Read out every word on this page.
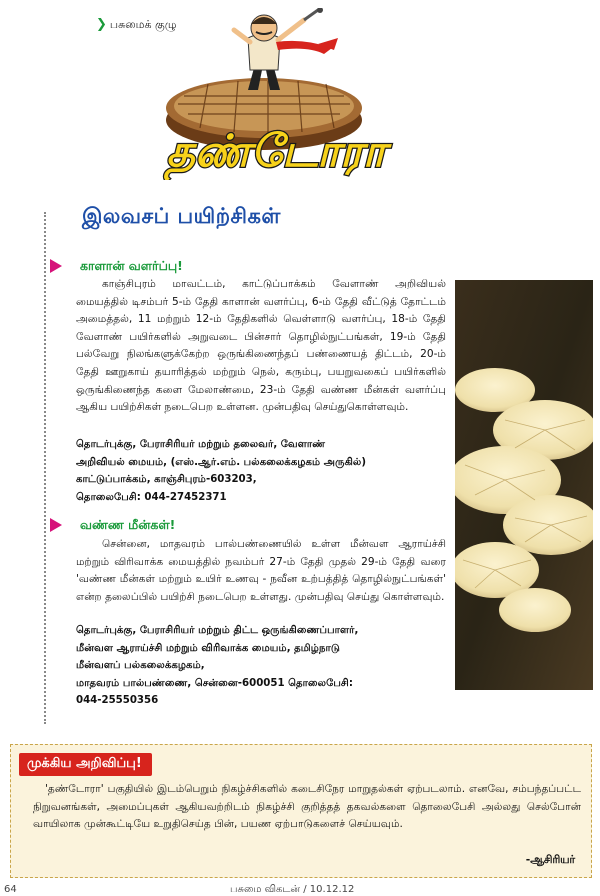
❯ பசுமைக் குழு
தண்டோரா
இலவசப் பயிற்சிகள்
காளான் வளர்ப்பு!

காஞ்சிபுரம் மாவட்டம், காட்டுப்பாக்கம் வேளாண் அறிவியல் மையத்தில் டிசம்பர் 5-ம் தேதி காளான் வளர்ப்பு, 6-ம் தேதி வீட்டுத் தோட்டம் அமைத்தல், 11 மற்றும் 12-ம் தேதிகளில் வெள்ளாடு வளர்ப்பு, 18-ம் தேதி வேளாண் பயிர்களில் அறுவடை பின்சார் தொழில்நுட்பங்கள், 19-ம் தேதி பல்வேறு நிலங்களுக்கேற்ற ஒருங்கிணைந்தப் பண்ணையத் திட்டம், 20-ம் தேதி ஊறுகாய் தயாரித்தல் மற்றும் நெல், கரும்பு, பயறுவகைப் பயிர்களில் ஒருங்கிணைந்த களை மேலாண்மை, 23-ம் தேதி வண்ண மீன்கள் வளர்ப்பு ஆகிய பயிற்சிகள் நடைபெற உள்ளன. முன்பதிவு செய்துகொள்ளவும்.

தொடர்புக்கு, பேராசிரியர் மற்றும் தலைவர், வேளாண்
அறிவியல் மையம், (எஸ்.ஆர்.எம். பல்கலைக்கழகம் அருகில்)
காட்டுப்பாக்கம், காஞ்சிபுரம்-603203,
தொலைபேசி: 044-27452371
வண்ண மீன்கள்!

சென்னை, மாதவரம் பால்பண்ணையில் உள்ள மீன்வள ஆராய்ச்சி மற்றும் விரிவாக்க மையத்தில் நவம்பர் 27-ம் தேதி முதல் 29-ம் தேதி வரை 'வண்ண மீன்கள் மற்றும் உயிர் உணவு - நவீன உற்பத்தித் தொழில்நுட்பங்கள்' என்ற தலைப்பில் பயிற்சி நடைபெற உள்ளது. முன்பதிவு செய்து கொள்ளவும்.

தொடர்புக்கு, பேராசிரியர் மற்றும் திட்ட ஒருங்கிணைப்பாளர்,
மீன்வள ஆராய்ச்சி மற்றும் விரிவாக்க மையம், தமிழ்நாடு
மீன்வளப் பல்கலைக்கழகம்,
மாதவரம் பால்பண்ணை, சென்னை-600051 தொலைபேசி:
044-25550356
முக்கிய அறிவிப்பு!

'தண்டோரா' பகுதியில் இடம்பெறும் நிகழ்ச்சிகளில் கடைசிநேர மாறுதல்கள் ஏற்படலாம். எனவே, சம்பந்தப்பட்ட நிறுவனங்கள், அமைப்புகள் ஆகியவற்றிடம் நிகழ்ச்சி குறித்தத் தகவல்களை தொலைபேசி அல்லது செல்போன் வாயிலாக முன்கூட்டியே உறுதிசெய்த பின், பயண ஏற்பாடுகளைச் செய்யவும்.

-ஆசிரியர்
64	பசுமை விகடன் / 10.12.12
